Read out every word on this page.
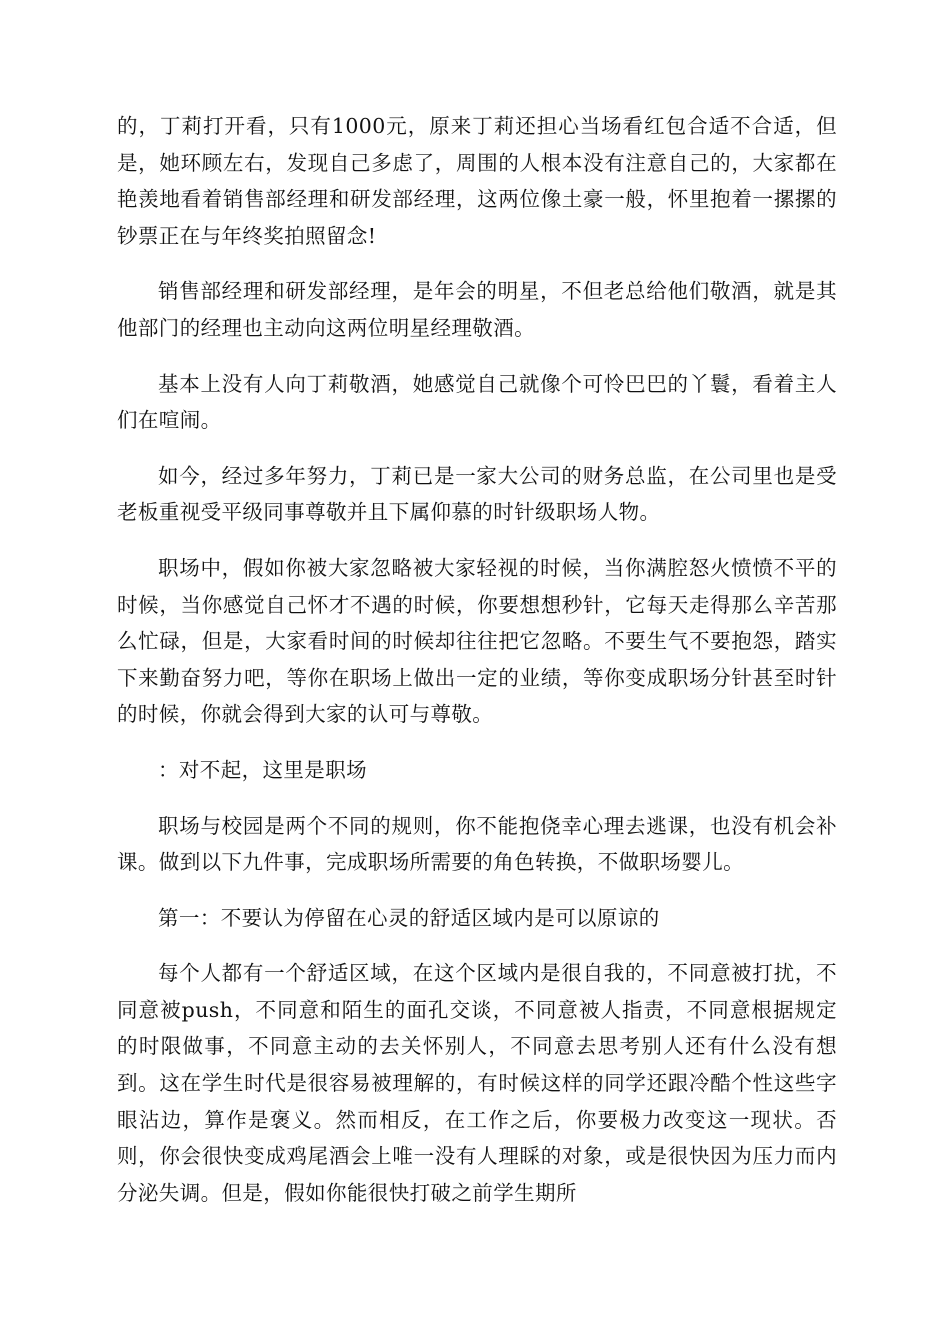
的，丁莉打开看，只有1000元，原来丁莉还担心当场看红包合适不合适，但是，她环顾左右，发现自己多虑了，周围的人根本没有注意自己的，大家都在艳羡地看着销售部经理和研发部经理，这两位像土豪一般，怀里抱着一摞摞的钞票正在与年终奖拍照留念!

销售部经理和研发部经理，是年会的明星，不但老总给他们敬酒，就是其他部门的经理也主动向这两位明星经理敬酒。

基本上没有人向丁莉敬酒，她感觉自己就像个可怜巴巴的丫鬟，看着主人们在喧闹。

如今，经过多年努力，丁莉已是一家大公司的财务总监，在公司里也是受老板重视受平级同事尊敬并且下属仰慕的时针级职场人物。

职场中，假如你被大家忽略被大家轻视的时候，当你满腔怒火愤愤不平的时候，当你感觉自己怀才不遇的时候，你要想想秒针，它每天走得那么辛苦那么忙碌，但是，大家看时间的时候却往往把它忽略。不要生气不要抱怨，踏实下来勤奋努力吧，等你在职场上做出一定的业绩，等你变成职场分针甚至时针的时候，你就会得到大家的认可与尊敬。

：对不起，这里是职场

职场与校园是两个不同的规则，你不能抱侥幸心理去逃课，也没有机会补课。做到以下九件事，完成职场所需要的角色转换，不做职场婴儿。

第一：不要认为停留在心灵的舒适区域内是可以原谅的

每个人都有一个舒适区域，在这个区域内是很自我的，不同意被打扰，不同意被push，不同意和陌生的面孔交谈，不同意被人指责，不同意根据规定的时限做事，不同意主动的去关怀别人，不同意去思考别人还有什么没有想到。这在学生时代是很容易被理解的，有时候这样的同学还跟冷酷个性这些字眼沾边，算作是褒义。然而相反，在工作之后，你要极力改变这一现状。否则，你会很快变成鸡尾酒会上唯一没有人理睬的对象，或是很快因为压力而内分泌失调。但是，假如你能很快打破之前学生期所
